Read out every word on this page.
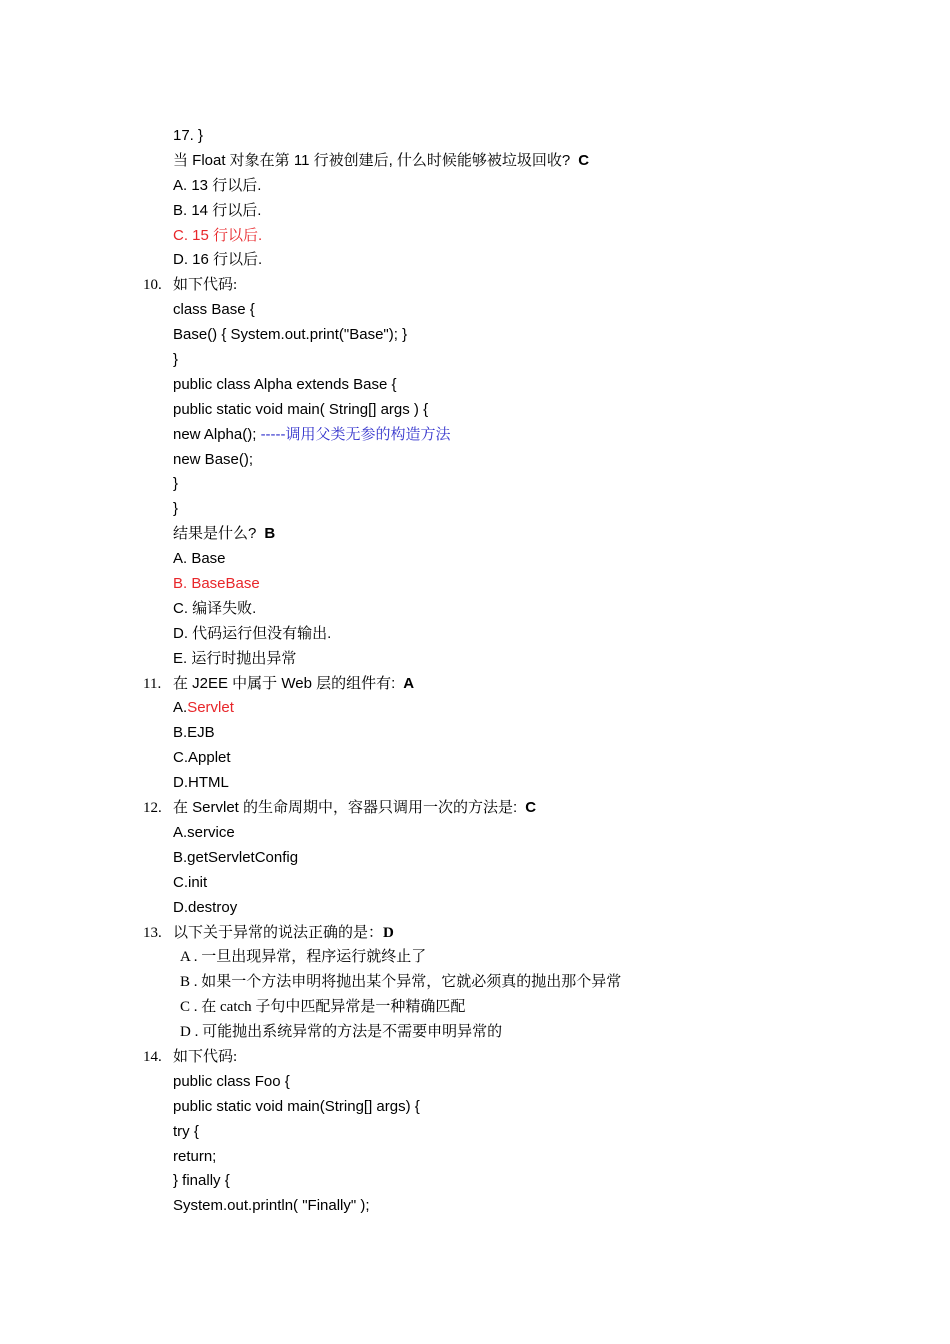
17. }
当 Float 对象在第 11 行被创建后, 什么时候能够被垃圾回收? C
A. 13 行以后.
B. 14 行以后.
C. 15 行以后.
D. 16 行以后.
10. 如下代码:
class Base {
Base() { System.out.print("Base"); }
}
public class Alpha extends Base {
public static void main( String[] args ) {
new Alpha(); -----调用父类无参的构造方法
new Base();
}
}
结果是什么? B
A. Base
B. BaseBase
C. 编译失败.
D. 代码运行但没有输出.
E. 运行时抛出异常
11. 在 J2EE 中属于 Web 层的组件有: A
A.Servlet
B.EJB
C.Applet
D.HTML
12. 在 Servlet 的生命周期中，容器只调用一次的方法是: C
A.service
B.getServletConfig
C.init
D.destroy
13. 以下关于异常的说法正确的是：D
A . 一旦出现异常，程序运行就终止了
B . 如果一个方法申明将抛出某个异常，它就必须真的抛出那个异常
C . 在 catch 子句中匹配异常是一种精确匹配
D . 可能抛出系统异常的方法是不需要申明异常的
14. 如下代码:
public class Foo {
public static void main(String[] args) {
try {
return;
} finally {
System.out.println( "Finally" );
